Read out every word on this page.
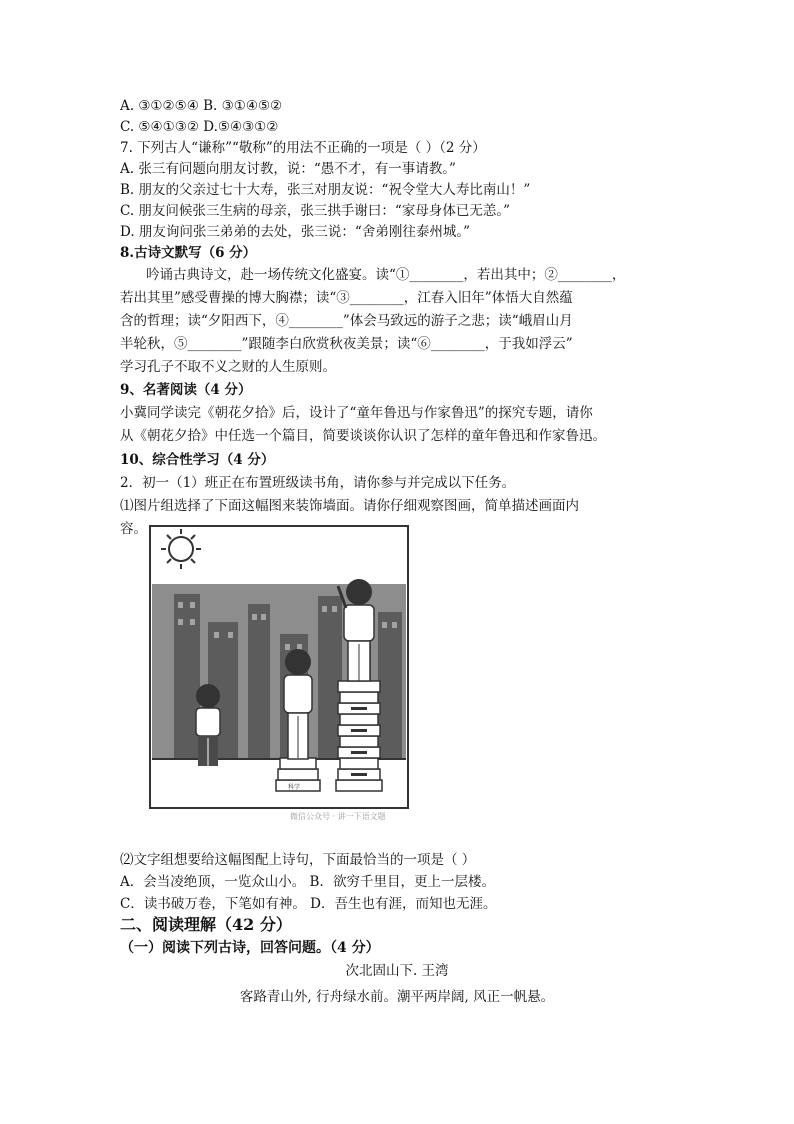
A. ③①②⑤④ B. ③①④⑤②
C. ⑤④①③② D.⑤④③①②
7. 下列古人“谦称”“敬称”的用法不正确的一项是（ ）（2 分）
A. 张三有问题向朋友讨教，说：“愚不才，有一事请教。”
B. 朋友的父亲过七十大寿，张三对朋友说：“祝令堂大人寿比南山！”
C. 朋友问候张三生病的母亲，张三拱手谢曰：“家母身体已无恙。”
D. 朋友询问张三弟弟的去处，张三说：“舍弟刚往泰州城。”
8.古诗文默写（6 分）
吟诵古典诗文，赴一场传统文化盛宴。读“①________，若出其中；②________，
若出其里”感受曹操的博大胸襟；读“③________，江春入旧年”体悟大自然蕴
含的哲理；读“夕阳西下，④________”体会马致远的游子之悲；读“峨眉山月
半轮秋，⑤________”跟随李白欣赏秋夜美景；读“⑥________，于我如浮云”
学习孔子不取不义之财的人生原则。
9、名著阅读（4 分）
小冀同学读完《朝花夕拾》后，设计了“童年鲁迅与作家鲁迅”的探究专题，请你
从《朝花夕拾》中任选一个篇目，简要谈谈你认识了怎样的童年鲁迅和作家鲁迅。
10、综合性学习（4 分）
2．初一（1）班正在布置班级读书角，请你参与并完成以下任务。
⑴图片组选择了下面这幅图来装饰墙面。请你仔细观察图画，简单描述画面内
容。
科学
微信公众号 · 讲一下语文题
⑵文字组想要给这幅图配上诗句，下面最恰当的一项是（ ）
A．会当凌绝顶，一览众山小。 B．欲穷千里目，更上一层楼。
C．读书破万卷，下笔如有神。 D．吾生也有涯，而知也无涯。
二、阅读理解（42 分）
（一）阅读下列古诗，回答问题。（4 分）
次北固山下. 王湾
客路青山外, 行舟绿水前。潮平两岸阔, 风正一帆悬。
